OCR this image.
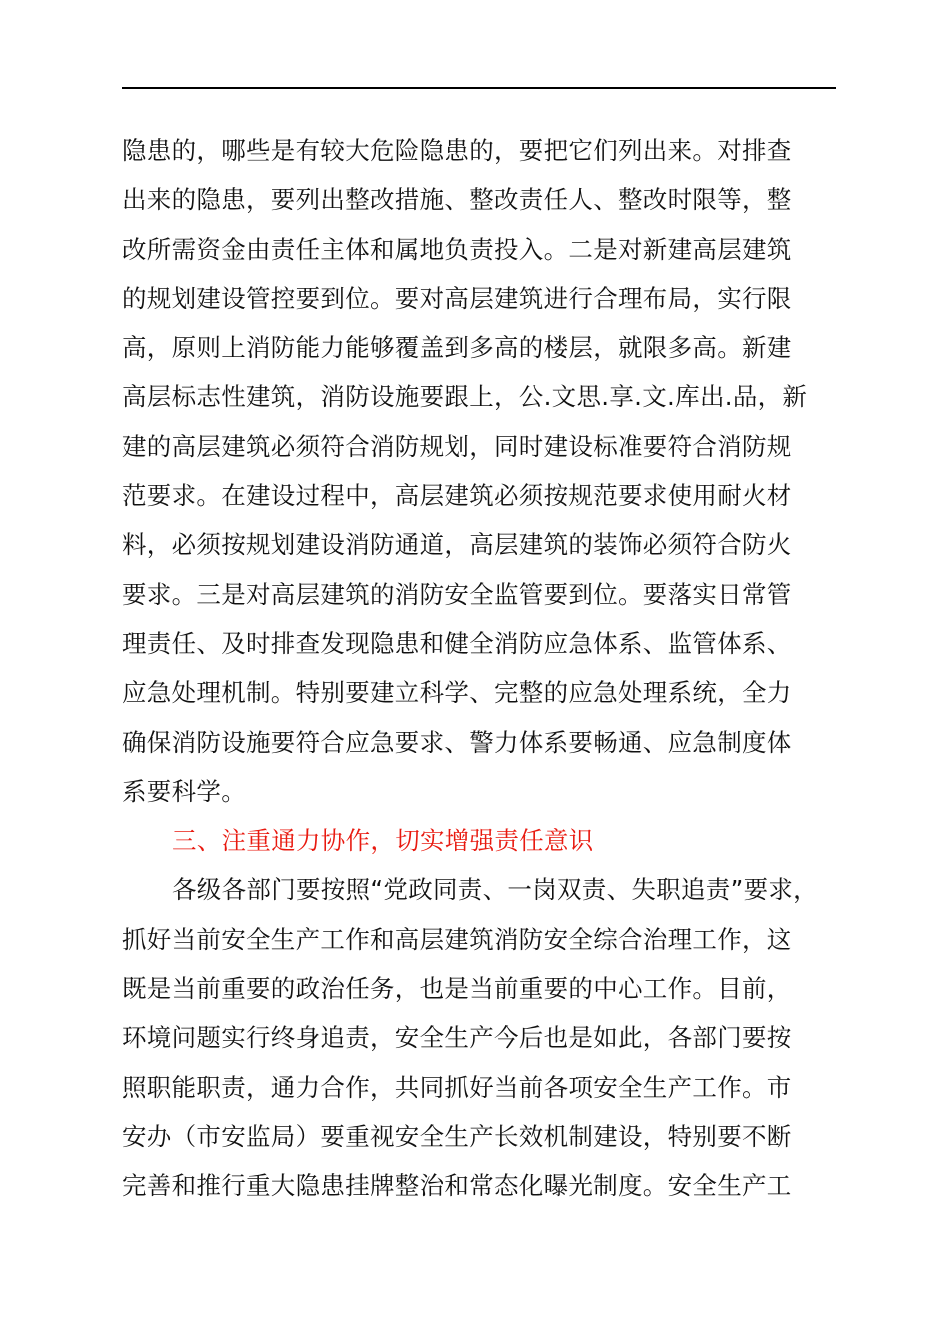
隐患的，哪些是有较大危险隐患的，要把它们列出来。对排查
出来的隐患，要列出整改措施、整改责任人、整改时限等，整
改所需资金由责任主体和属地负责投入。二是对新建高层建筑
的规划建设管控要到位。要对高层建筑进行合理布局，实行限
高，原则上消防能力能够覆盖到多高的楼层，就限多高。新建
高层标志性建筑，消防设施要跟上，公.文思.享.文.库出.品，新
建的高层建筑必须符合消防规划，同时建设标准要符合消防规
范要求。在建设过程中，高层建筑必须按规范要求使用耐火材
料，必须按规划建设消防通道，高层建筑的装饰必须符合防火
要求。三是对高层建筑的消防安全监管要到位。要落实日常管
理责任、及时排查发现隐患和健全消防应急体系、监管体系、
应急处理机制。特别要建立科学、完整的应急处理系统，全力
确保消防设施要符合应急要求、警力体系要畅通、应急制度体
系要科学。
三、注重通力协作，切实增强责任意识
各级各部门要按照“党政同责、一岗双责、失职追责”要求，
抓好当前安全生产工作和高层建筑消防安全综合治理工作，这
既是当前重要的政治任务，也是当前重要的中心工作。目前，
环境问题实行终身追责，安全生产今后也是如此，各部门要按
照职能职责，通力合作，共同抓好当前各项安全生产工作。市
安办（市安监局）要重视安全生产长效机制建设，特别要不断
完善和推行重大隐患挂牌整治和常态化曝光制度。安全生产工
